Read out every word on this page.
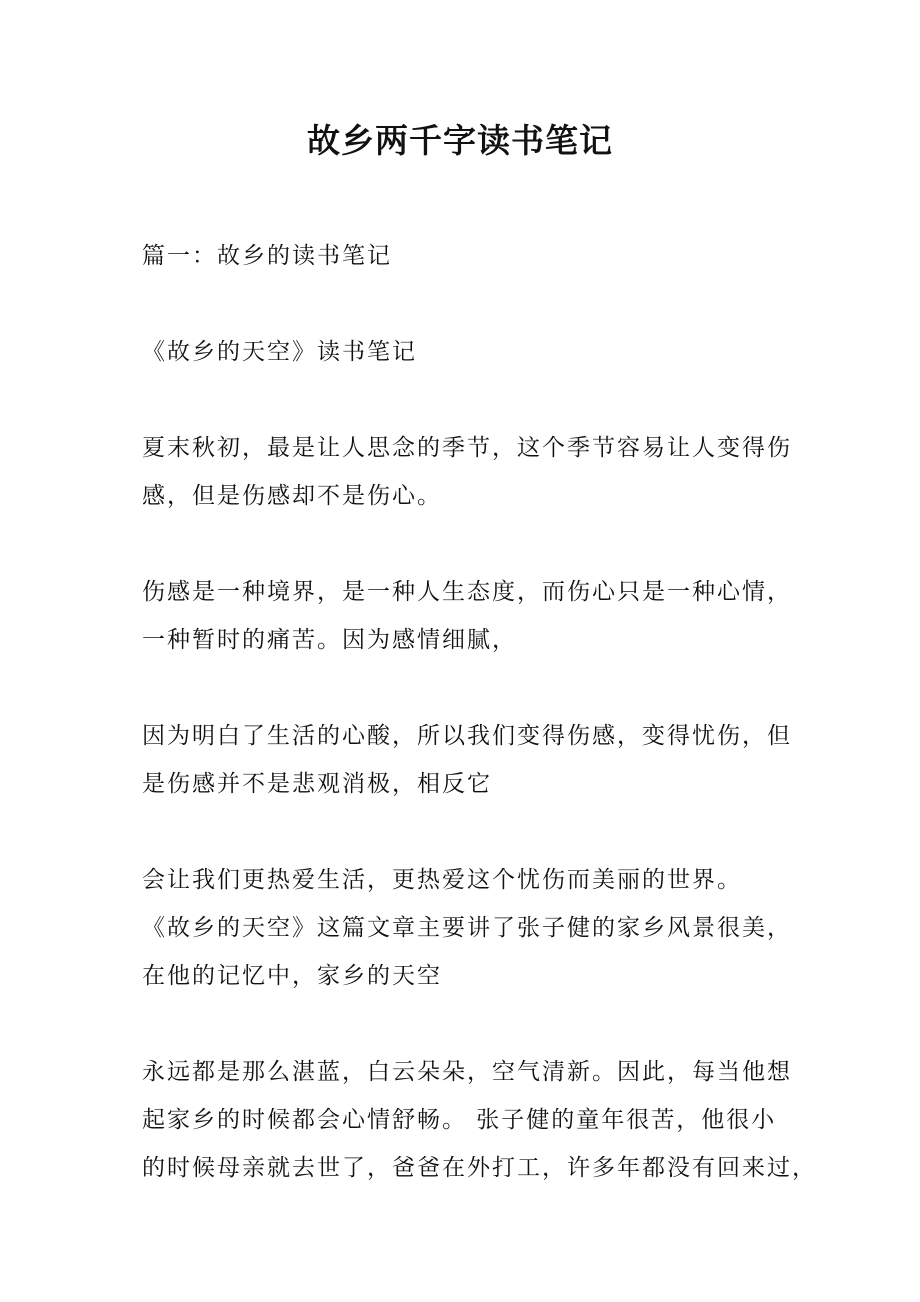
故乡两千字读书笔记

篇一：故乡的读书笔记

《故乡的天空》读书笔记

夏末秋初，最是让人思念的季节，这个季节容易让人变得伤
感，但是伤感却不是伤心。

伤感是一种境界，是一种人生态度，而伤心只是一种心情，
一种暂时的痛苦。因为感情细腻，

因为明白了生活的心酸，所以我们变得伤感，变得忧伤，但
是伤感并不是悲观消极，相反它

会让我们更热爱生活，更热爱这个忧伤而美丽的世界。
《故乡的天空》这篇文章主要讲了张子健的家乡风景很美，
在他的记忆中，家乡的天空

永远都是那么湛蓝，白云朵朵，空气清新。因此，每当他想
起家乡的时候都会心情舒畅。 张子健的童年很苦，他很小
的时候母亲就去世了，爸爸在外打工，许多年都没有回来过，
